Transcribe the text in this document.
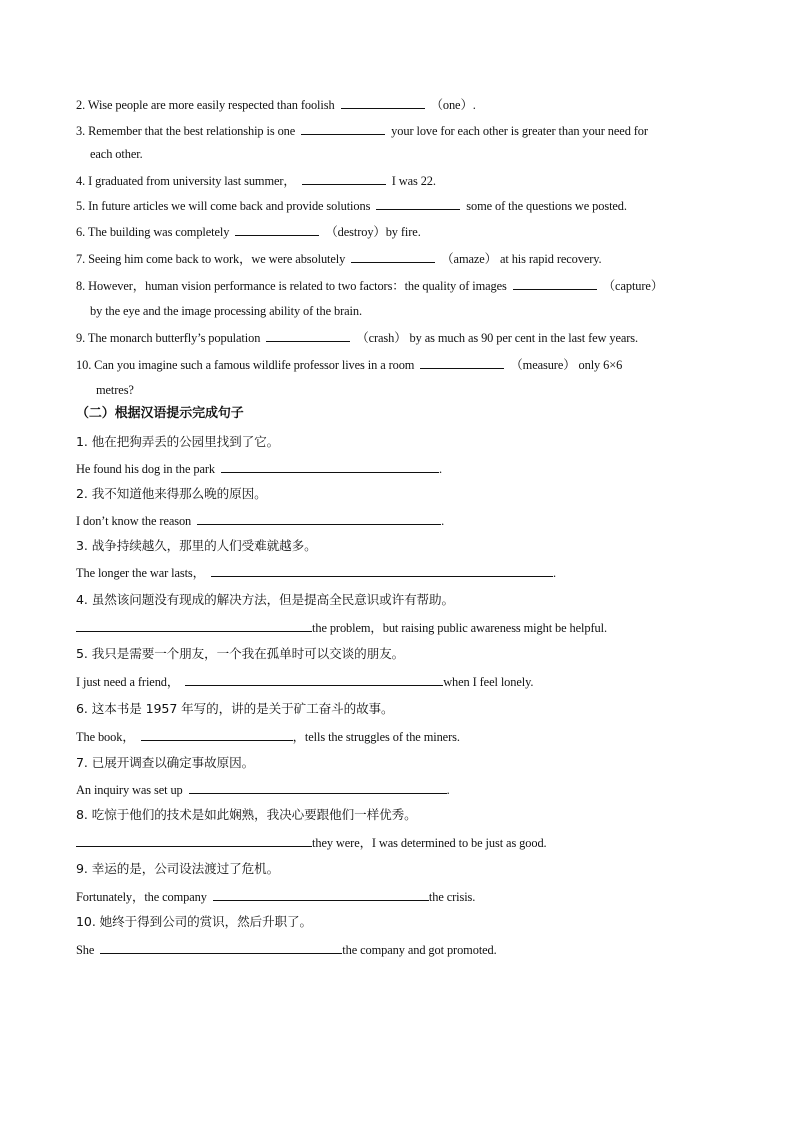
2. Wise people are more easily respected than foolish	（one）.
3. Remember that the best relationship is one	your love for each other is greater than your need for
each other.
4. I graduated from university last summer，	I was 22.
5. In future articles we will come back and provide solutions	some of the questions we posted.
6. The building was completely	（destroy）by fire.
7. Seeing him come back to work，we were absolutely	（amaze） at his rapid recovery.
8. However，human vision performance is related to two factors：the quality of images	（capture）
by the eye and the image processing ability of the brain.
9. The monarch butterfly’s population	（crash） by as much as 90 per cent in the last few years.
10. Can you imagine such a famous wildlife professor lives in a room	（measure） only 6×6
metres?
（二）根据汉语提示完成句子
1. 他在把狗弄丢的公园里找到了它。
He found his dog in the park	.
2. 我不知道他来得那么晚的原因。
I don’t know the reason	.
3. 战争持续越久，那里的人们受难就越多。
The longer the war lasts，	.
4. 虽然该问题没有现成的解决方法，但是提高全民意识或许有帮助。
the problem，but raising public awareness might be helpful.
5. 我只是需要一个朋友，一个我在孤单时可以交谈的朋友。
I just need a friend，	when I feel lonely.
6. 这本书是 1957 年写的，讲的是关于矿工奋斗的故事。
The book，	，tells the struggles of the miners.
7. 已展开调查以确定事故原因。
An inquiry was set up	.
8. 吃惊于他们的技术是如此娴熟，我决心要跟他们一样优秀。
they were，I was determined to be just as good.
9. 幸运的是，公司设法渡过了危机。
Fortunately，the company	the crisis.
10. 她终于得到公司的赏识，然后升职了。
She	the company and got promoted.
